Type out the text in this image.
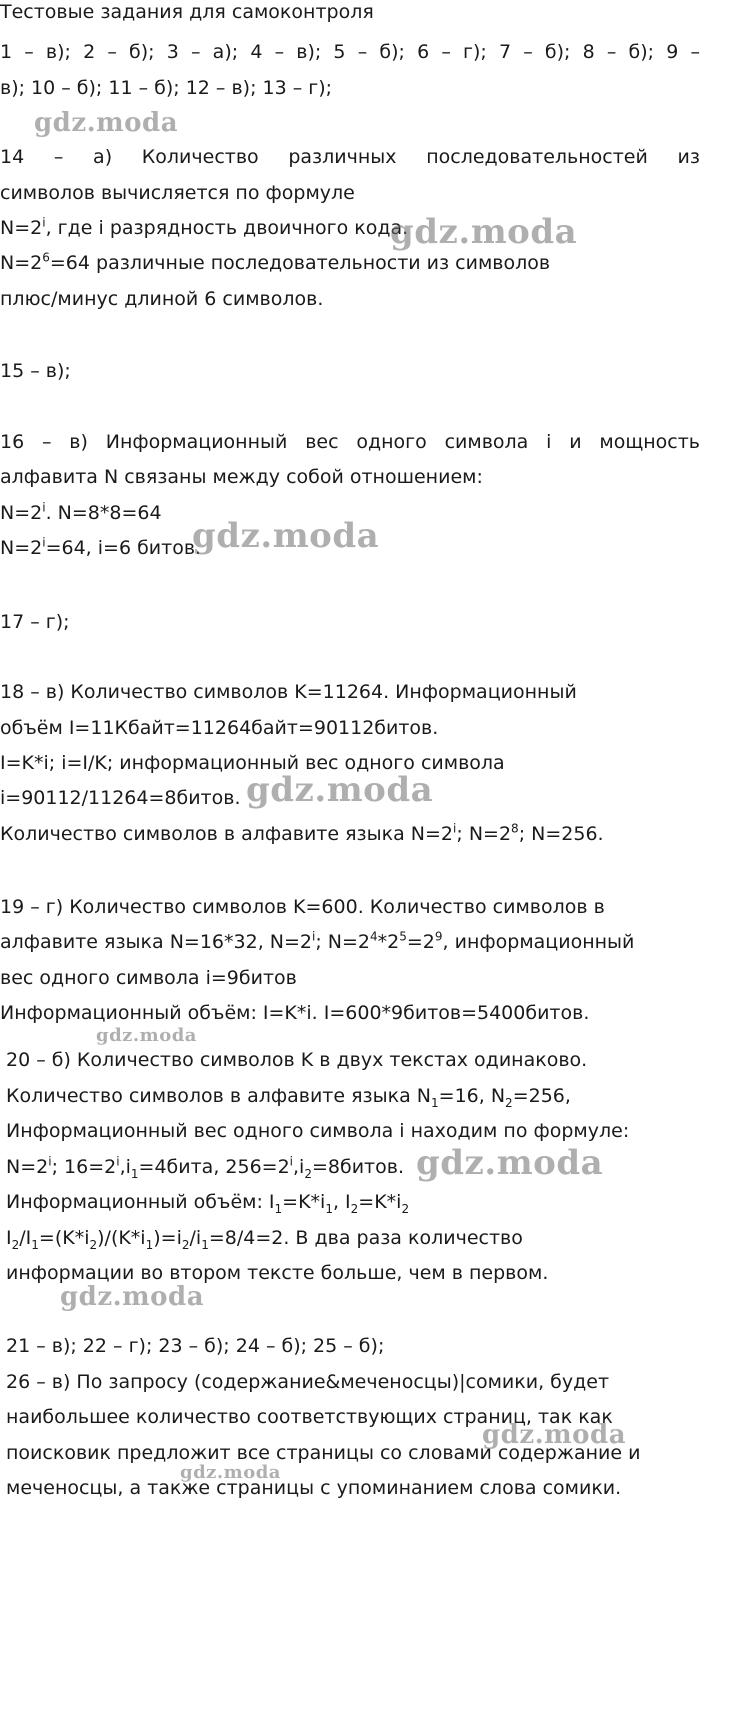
Тестовые задания для самоконтроля
1 – в); 2 – б); 3 – а); 4 – в); 5 – б); 6 – г); 7 – б); 8 – б); 9 –
в); 10 – б); 11 – б); 12 – в); 13 – г);
14 – а) Количество различных последовательностей из
символов вычисляется по формуле
$N=2^i$, где i разрядность двоичного кода.
$N=2^6=64$ различные последовательности из символов
плюс/минус длиной 6 символов.
15 – в);
16 – в) Информационный вес одного символа i и мощность
алфавита N связаны между собой отношением:
$N=2^i$. N=8*8=64
$N=2^i=64$, i=6 битов.
17 – г);
18 – в) Количество символов K=11264. Информационный
объём I=11Кбайт=11264байт=90112битов.
I=K*i; i=I/K; информационный вес одного символа
i=90112/11264=8битов.
Количество символов в алфавите языка $N=2^i$; $N=2^8$; N=256.
19 – г) Количество символов K=600. Количество символов в
алфавите языка N=16*32, $N=2^i$; $N=2^4*2^5=2^9$, информационный
вес одного символа i=9битов
Информационный объём: I=K*i. I=600*9битов=5400битов.
20 – б) Количество символов K в двух текстах одинаково.
Количество символов в алфавите языка $N_1=16$, $N_2=256$,
Информационный вес одного символа i находим по формуле:
$N=2^i$; $16=2^i,i_1=4бита$, $256=2^i,i_2=8битов$.
Информационный объём: $I_1=K*i_1$, $I_2=K*i_2$
$I_2/I_1=(K*i_2)/(K*i_1)=i_2/i_1=8/4=2$. В два раза количество
информации во втором тексте больше, чем в первом.
21 – в); 22 – г); 23 – б); 24 – б); 25 – б);
26 – в) По запросу (содержание&меченосцы)|сомики, будет
наибольшее количество соответствующих страниц, так как
поисковик предложит все страницы со словами содержание и
меченосцы, а также страницы с упоминанием слова сомики.
gdz.moda
gdz.moda
gdz.moda
gdz.moda
gdz.moda
gdz.moda
gdz.moda
gdz.moda
gdz.moda
